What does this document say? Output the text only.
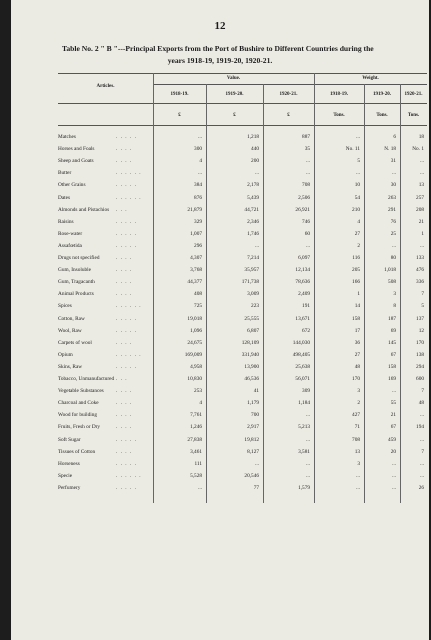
12
Table No. 2 " B "---Principal Exports from the Port of Bushire to Different Countries during the
years 1918-19, 1919-20, 1920-21.
Articles.
Value.	Weight.
1918-19.	1919-20.	1920-21.	1918-19.	1919-20.	1920-21.
£	£	£	Tons.	Tons.	Tons.
Matches	. . . . .	...	1,218	887	...	6	18
Horses and Foals	. . . .	300	440	35	No. 11	N. 18	No. 1
Sheep and Goats	. . . .	4	200	...	5	31	...
Butter	. . . . . .	...	...	...	...	...	...
Other Grains	. . . . .	384	2,178	708	10	30	13
Dates	. . . . . .	876	5,439	2,506	54	263	257
Almonds and Pistachios . . .	21,879	44,721	26,921	210	291	208
Raisins	. . . . .	329	2,346	746	4	76	21
Rose-water	. . . . .	1,007	1,746	60	27	25	1
Assafœtida	. . . . .	296	...	...	2	...	...
Drugs not specified	. . . .	4,307	7,214	6,097	116	80	133
Gum, Insoluble	. . . .	3,768	35,957	12,134	205	1,018	476
Gum, Tragacanth	. . . .	44,377	171,738	78,636	166	508	336
Animal Products	. . . .	408	3,009	2,409	1	3	7
Spices	. . . . . .	725	223	191	14	8	5
Cotton, Raw	. . . . .	19,018	25,555	13,671	158	187	137
Wool, Raw	. . . . .	1,096	6,807	672	17	69	12
Carpets of wool	. . . .	24,675	128,109	144,030	36	145	170
Opium	. . . . . .	169,009	331,940	498,405	27	67	138
Skins, Raw	. . . . .	4,958	13,900	25,638	48	158	294
Tobacco, Unmanufactured . . .	10,830	46,536	56,071	170	169	600
Vegetable Substances . . . .	253	41	309	3	...	7
Charcoal and Coke	. . . .	4	1,179	1,184	2	55	48
Wood for building	. . . .	7,761	700	...	427	21	...
Fruits, Fresh or Dry	. . . .	1,246	2,917	5,213	71	67	194
Soft Sugar	. . . . .	27,838	19,812	...	708	459	...
Tissues of Cotton	. . . .	3,461	8,127	3,581	13	20	7
Horseness	. . . . .	111	...	...	3	...	...
Specie	. . . . . .	5,528	20,546	...	...	...	...
Perfumery	. . . . .	...	77	1,579	...	...	26
